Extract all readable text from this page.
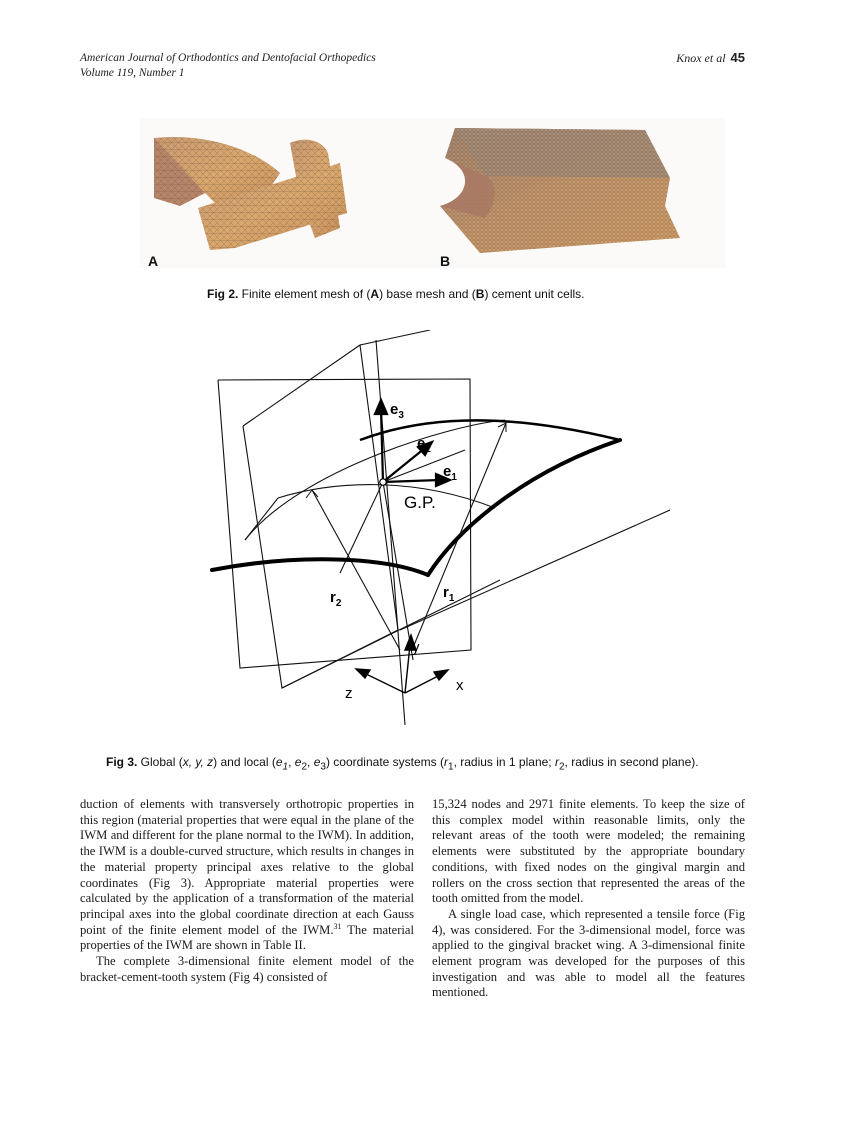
American Journal of Orthodontics and Dentofacial Orthopedics
Volume 119, Number 1
Knox et al 45
A	B
Fig 2. Finite element mesh of (A) base mesh and (B) cement unit cells.
$e_3$
$e_2$
$e_1$
G.P.
$r_2$
$r_1$
y
z	x
Fig 3. Global (x, y, z) and local ($e_1$, $e_2$, $e_3$) coordinate systems ($r_1$, radius in 1 plane; $r_2$, radius in second plane).

duction of elements with transversely orthotropic properties in this region (material properties that were equal in the plane of the IWM and different for the plane normal to the IWM). In addition, the IWM is a double-curved structure, which results in changes in the material property principal axes relative to the global coordinates (Fig 3). Appropriate material properties were calculated by the application of a transformation of the material principal axes into the global coordinate direction at each Gauss point of the finite element model of the IWM.$^{31}$ The material properties of the IWM are shown in Table II.

The complete 3-dimensional finite element model of the bracket-cement-tooth system (Fig 4) consisted of

15,324 nodes and 2971 finite elements. To keep the size of this complex model within reasonable limits, only the relevant areas of the tooth were modeled; the remaining elements were substituted by the appropriate boundary conditions, with fixed nodes on the gingival margin and rollers on the cross section that represented the areas of the tooth omitted from the model.

A single load case, which represented a tensile force (Fig 4), was considered. For the 3-dimensional model, force was applied to the gingival bracket wing. A 3-dimensional finite element program was developed for the purposes of this investigation and was able to model all the features mentioned.
